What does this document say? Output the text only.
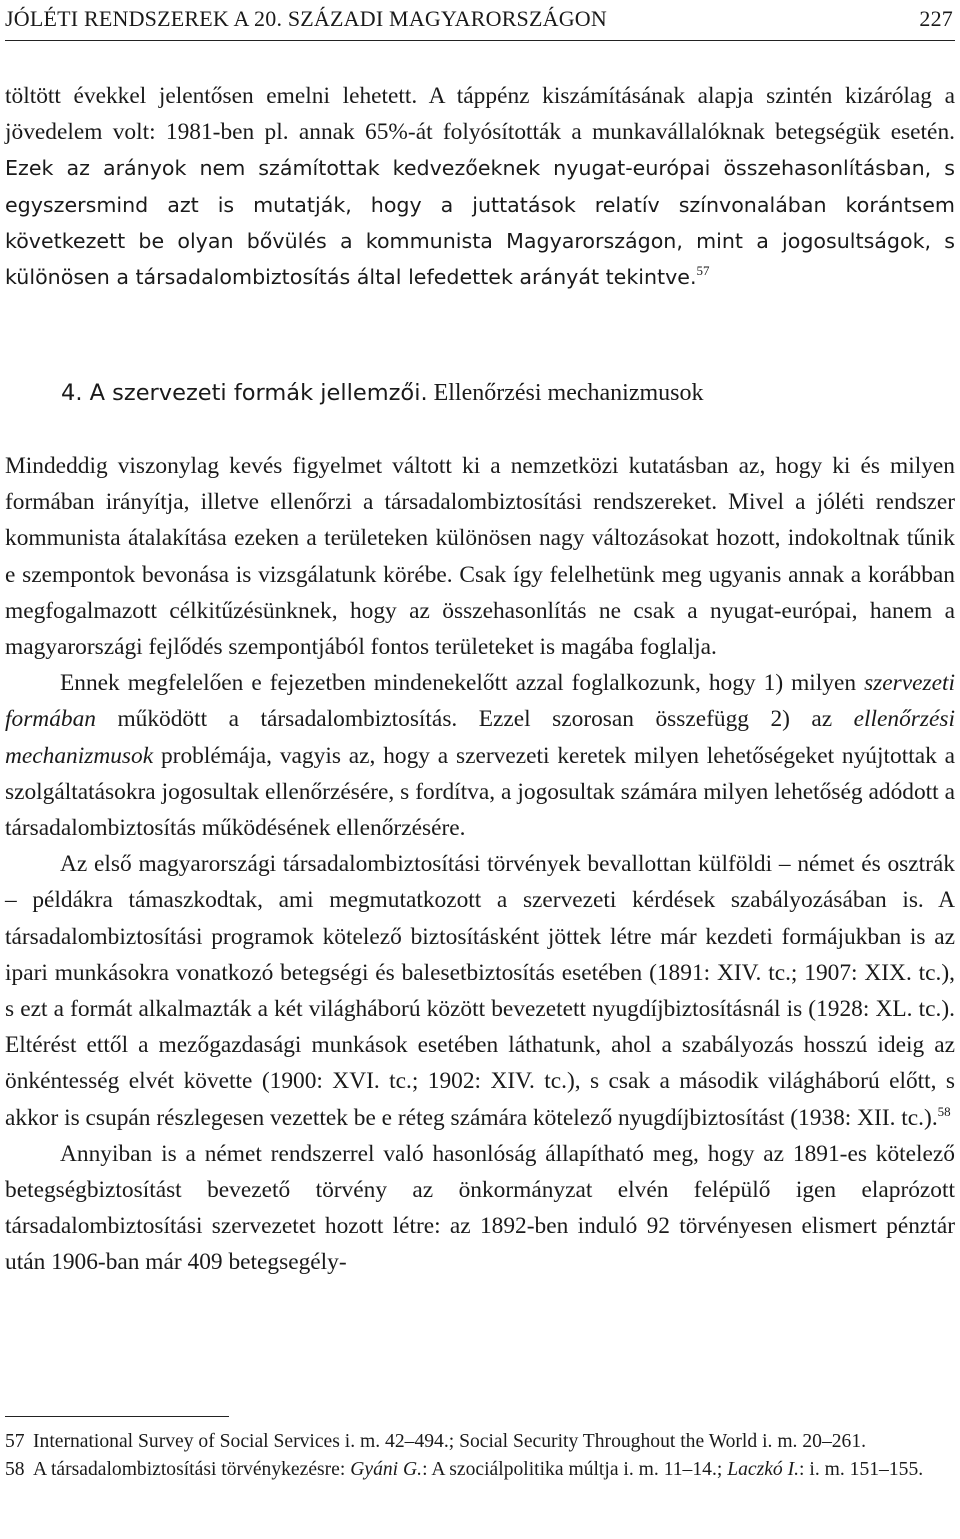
JÓLÉTI RENDSZEREK A 20. SZÁZADI MAGYARORSZÁGON	227

töltött évekkel jelentősen emelni lehetett. A táppénz kiszámításának alapja szintén kizárólag a jövedelem volt: 1981-ben pl. annak 65%-át folyósították a munkavállalóknak betegségük esetén. Ezek az arányok nem számítottak kedvezőeknek nyugat-európai összehasonlításban, s egyszersmind azt is mutatják, hogy a juttatások relatív színvonalában korántsem következett be olyan bővülés a kommunista Magyarországon, mint a jogosultságok, s különösen a társadalombiztosítás által lefedettek arányát tekintve.$^{57}$

4. A szervezeti formák jellemzői. Ellenőrzési mechanizmusok

Mindeddig viszonylag kevés figyelmet váltott ki a nemzetközi kutatásban az, hogy ki és milyen formában irányítja, illetve ellenőrzi a társadalombiztosítási rendszereket. Mivel a jóléti rendszer kommunista átalakítása ezeken a területeken különösen nagy változásokat hozott, indokoltnak tűnik e szempontok bevonása is vizsgálatunk körébe. Csak így felelhetünk meg ugyanis annak a korábban megfogalmazott célkitűzésünknek, hogy az összehasonlítás ne csak a nyugat-európai, hanem a magyarországi fejlődés szempontjából fontos területeket is magába foglalja.

Ennek megfelelően e fejezetben mindenekelőtt azzal foglalkozunk, hogy 1) milyen szervezeti formában működött a társadalombiztosítás. Ezzel szorosan összefügg 2) az ellenőrzési mechanizmusok problémája, vagyis az, hogy a szervezeti keretek milyen lehetőségeket nyújtottak a szolgáltatásokra jogosultak ellenőrzésére, s fordítva, a jogosultak számára milyen lehetőség adódott a társadalombiztosítás működésének ellenőrzésére.

Az első magyarországi társadalombiztosítási törvények bevallottan külföldi – német és osztrák – példákra támaszkodtak, ami megmutatkozott a szervezeti kérdések szabályozásában is. A társadalombiztosítási programok kötelező biztosításként jöttek létre már kezdeti formájukban is az ipari munkásokra vonatkozó betegségi és balesetbiztosítás esetében (1891: XIV. tc.; 1907: XIX. tc.), s ezt a formát alkalmazták a két világháború között bevezetett nyugdíjbiztosításnál is (1928: XL. tc.). Eltérést ettől a mezőgazdasági munkások esetében láthatunk, ahol a szabályozás hosszú ideig az önkéntesség elvét követte (1900: XVI. tc.; 1902: XIV. tc.), s csak a második világháború előtt, s akkor is csupán részlegesen vezettek be e réteg számára kötelező nyugdíjbiztosítást (1938: XII. tc.).$^{58}$

Annyiban is a német rendszerrel való hasonlóság állapítható meg, hogy az 1891-es kötelező betegségbiztosítást bevezető törvény az önkormányzat elvén felépülő igen elaprózott társadalombiztosítási szervezetet hozott létre: az 1892-ben induló 92 törvényesen elismert pénztár után 1906-ban már 409 betegsegély-

57 International Survey of Social Services i. m. 42–494.; Social Security Throughout the World i. m. 20–261.
58 A társadalombiztosítási törvénykezésre: Gyáni G.: A szociálpolitika múltja i. m. 11–14.; Laczkó I.: i. m. 151–155.
